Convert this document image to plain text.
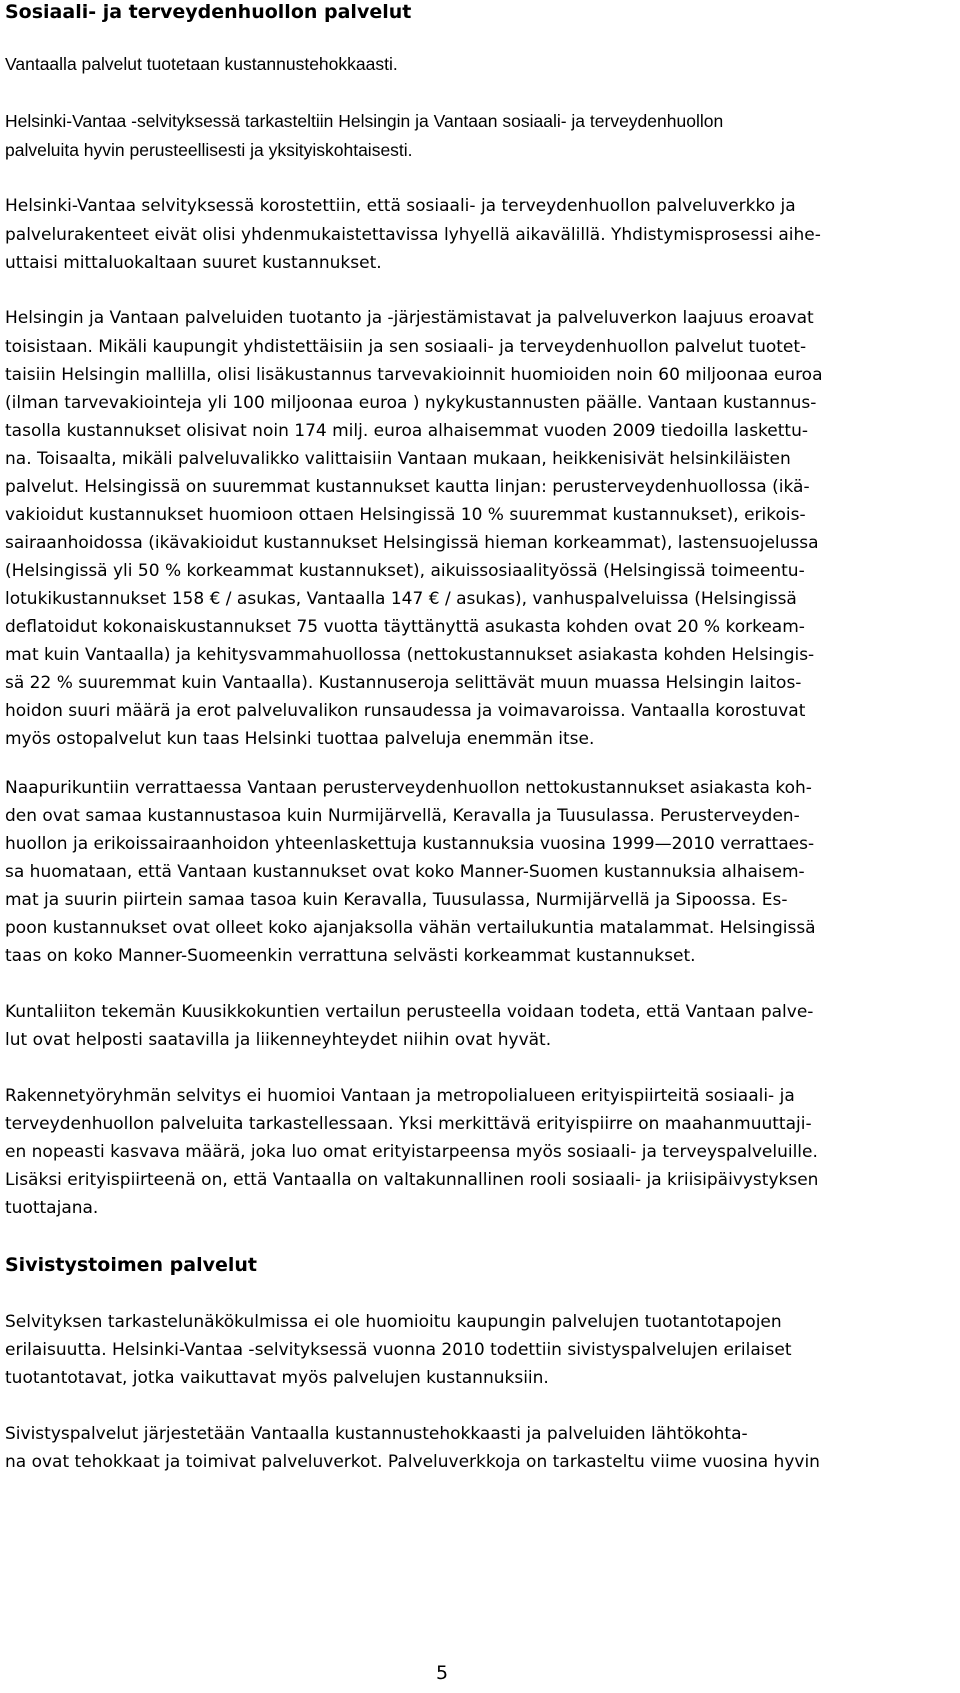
Sosiaali- ja terveydenhuollon palvelut
Vantaalla palvelut tuotetaan kustannustehokkaasti.
Helsinki-Vantaa -selvityksessä tarkasteltiin Helsingin ja Vantaan sosiaali- ja terveydenhuollon
palveluita hyvin perusteellisesti ja yksityiskohtaisesti.
Helsinki-Vantaa selvityksessä korostettiin, että sosiaali- ja terveydenhuollon palveluverkko ja
palvelurakenteet eivät olisi yhdenmukaistettavissa lyhyellä aikavälillä. Yhdistymisprosessi aihe-
uttaisi mittaluokaltaan suuret kustannukset.
Helsingin ja Vantaan palveluiden tuotanto ja -järjestämistavat ja palveluverkon laajuus eroavat
toisistaan. Mikäli kaupungit yhdistettäisiin ja sen sosiaali- ja terveydenhuollon palvelut tuotet-
taisiin Helsingin mallilla, olisi lisäkustannus tarvevakioinnit huomioiden noin 60 miljoonaa euroa
(ilman tarvevakiointeja yli 100 miljoonaa euroa ) nykykustannusten päälle. Vantaan kustannus-
tasolla kustannukset olisivat noin 174 milj. euroa alhaisemmat vuoden 2009 tiedoilla laskettu-
na. Toisaalta, mikäli palveluvalikko valittaisiin Vantaan mukaan, heikkenisivät helsinkiläisten
palvelut. Helsingissä on suuremmat kustannukset kautta linjan: perusterveydenhuollossa (ikä-
vakioidut kustannukset huomioon ottaen Helsingissä 10 % suuremmat kustannukset), erikois-
sairaanhoidossa (ikävakioidut kustannukset Helsingissä hieman korkeammat), lastensuojelussa
(Helsingissä yli 50 % korkeammat kustannukset), aikuissosiaalityössä (Helsingissä toimeentu-
lotukikustannukset 158 € / asukas, Vantaalla 147 € / asukas), vanhuspalveluissa (Helsingissä
deflatoidut kokonaiskustannukset 75 vuotta täyttänyttä asukasta kohden ovat 20 % korkeam-
mat kuin Vantaalla) ja kehitysvammahuollossa (nettokustannukset asiakasta kohden Helsingis-
sä 22 % suuremmat kuin Vantaalla). Kustannuseroja selittävät muun muassa Helsingin laitos-
hoidon suuri määrä ja erot palveluvalikon runsaudessa ja voimavaroissa. Vantaalla korostuvat
myös ostopalvelut kun taas Helsinki tuottaa palveluja enemmän itse.
Naapurikuntiin verrattaessa Vantaan perusterveydenhuollon nettokustannukset asiakasta koh-
den ovat samaa kustannustasoa kuin Nurmijärvellä, Keravalla ja Tuusulassa. Perusterveyden-
huollon ja erikoissairaanhoidon yhteenlaskettuja kustannuksia vuosina 1999—2010 verrattaes-
sa huomataan, että Vantaan kustannukset ovat koko Manner-Suomen kustannuksia alhaisem-
mat ja suurin piirtein samaa tasoa kuin Keravalla, Tuusulassa, Nurmijärvellä ja Sipoossa. Es-
poon kustannukset ovat olleet koko ajanjaksolla vähän vertailukuntia matalammat. Helsingissä
taas on koko Manner-Suomeenkin verrattuna selvästi korkeammat kustannukset.
Kuntaliiton tekemän Kuusikkokuntien vertailun perusteella voidaan todeta, että Vantaan palve-
lut ovat helposti saatavilla ja liikenneyhteydet niihin ovat hyvät.
Rakennetyöryhmän selvitys ei huomioi Vantaan ja metropolialueen erityispiirteitä sosiaali- ja
terveydenhuollon palveluita tarkastellessaan. Yksi merkittävä erityispiirre on maahanmuuttaji-
en nopeasti kasvava määrä, joka luo omat erityistarpeensa myös sosiaali- ja terveyspalveluille.
Lisäksi erityispiirteenä on, että Vantaalla on valtakunnallinen rooli sosiaali- ja kriisipäivystyksen
tuottajana.
Sivistystoimen palvelut
Selvityksen tarkastelunäkökulmissa ei ole huomioitu kaupungin palvelujen tuotantotapojen
erilaisuutta. Helsinki-Vantaa -selvityksessä vuonna 2010 todettiin sivistyspalvelujen erilaiset
tuotantotavat, jotka vaikuttavat myös palvelujen kustannuksiin.
Sivistyspalvelut järjestetään Vantaalla kustannustehokkaasti ja palveluiden lähtökohta-
na ovat tehokkaat ja toimivat palveluverkot. Palveluverkkoja on tarkasteltu viime vuosina hyvin
5
